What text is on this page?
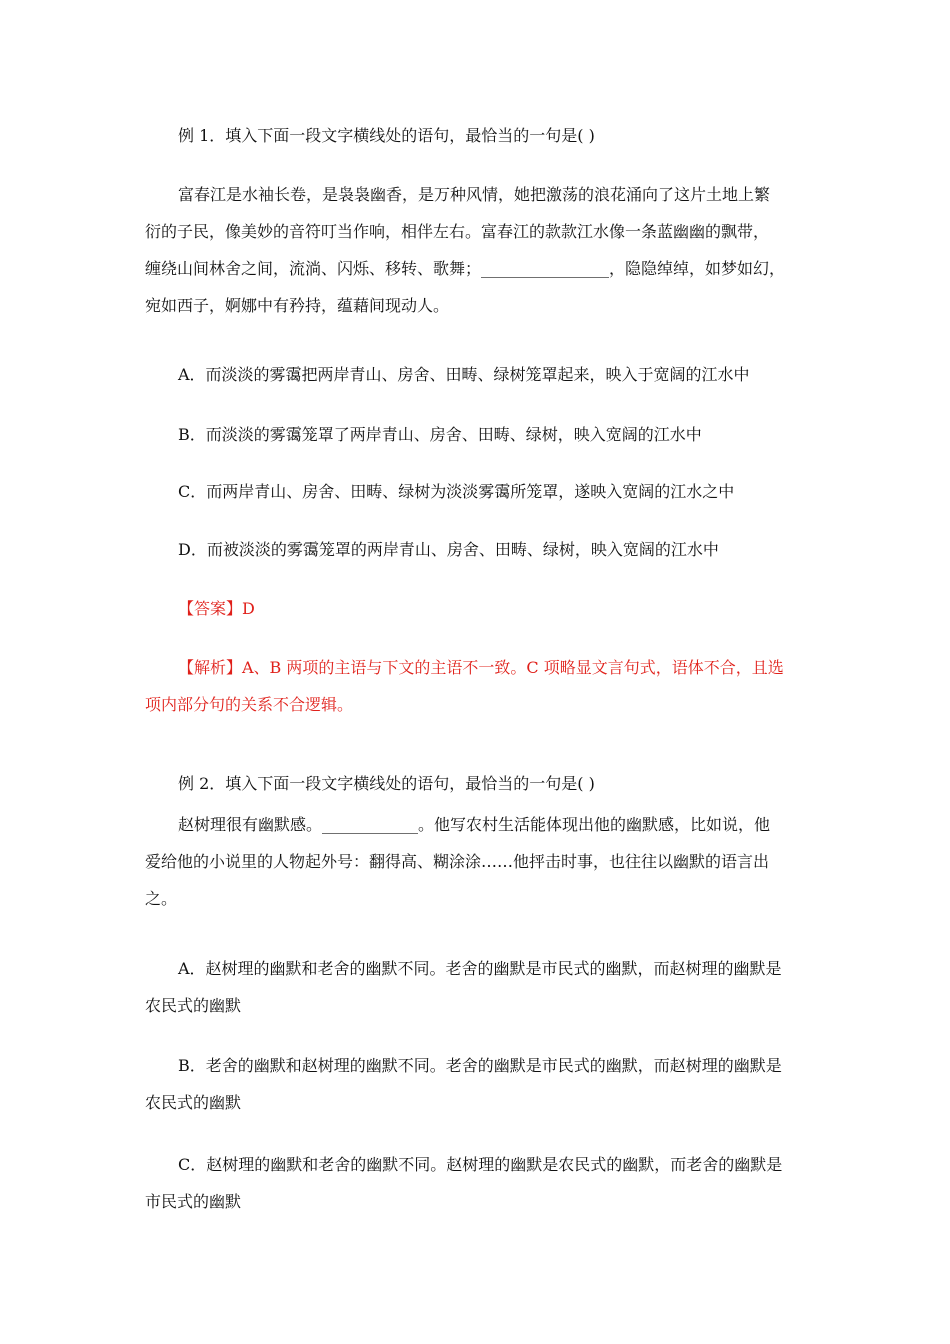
例 1．填入下面一段文字横线处的语句，最恰当的一句是( )

富春江是水袖长卷，是袅袅幽香，是万种风情，她把激荡的浪花涌向了这片土地上繁
衍的子民，像美妙的音符叮当作响，相伴左右。富春江的款款江水像一条蓝幽幽的飘带，
缠绕山间林舍之间，流淌、闪烁、移转、歌舞；________________，隐隐绰绰，如梦如幻，
宛如西子，婀娜中有矜持，蕴藉间现动人。

A．而淡淡的雾霭把两岸青山、房舍、田畴、绿树笼罩起来，映入于宽阔的江水中

B．而淡淡的雾霭笼罩了两岸青山、房舍、田畴、绿树，映入宽阔的江水中

C．而两岸青山、房舍、田畴、绿树为淡淡雾霭所笼罩，遂映入宽阔的江水之中

D．而被淡淡的雾霭笼罩的两岸青山、房舍、田畴、绿树，映入宽阔的江水中

【答案】D

【解析】A、B 两项的主语与下文的主语不一致。C 项略显文言句式，语体不合，且选
项内部分句的关系不合逻辑。

例 2．填入下面一段文字横线处的语句，最恰当的一句是( )

赵树理很有幽默感。____________。他写农村生活能体现出他的幽默感，比如说，他
爱给他的小说里的人物起外号：翻得高、糊涂涂……他抨击时事，也往往以幽默的语言出
之。

A．赵树理的幽默和老舍的幽默不同。老舍的幽默是市民式的幽默，而赵树理的幽默是
农民式的幽默

B．老舍的幽默和赵树理的幽默不同。老舍的幽默是市民式的幽默，而赵树理的幽默是
农民式的幽默

C．赵树理的幽默和老舍的幽默不同。赵树理的幽默是农民式的幽默，而老舍的幽默是
市民式的幽默
